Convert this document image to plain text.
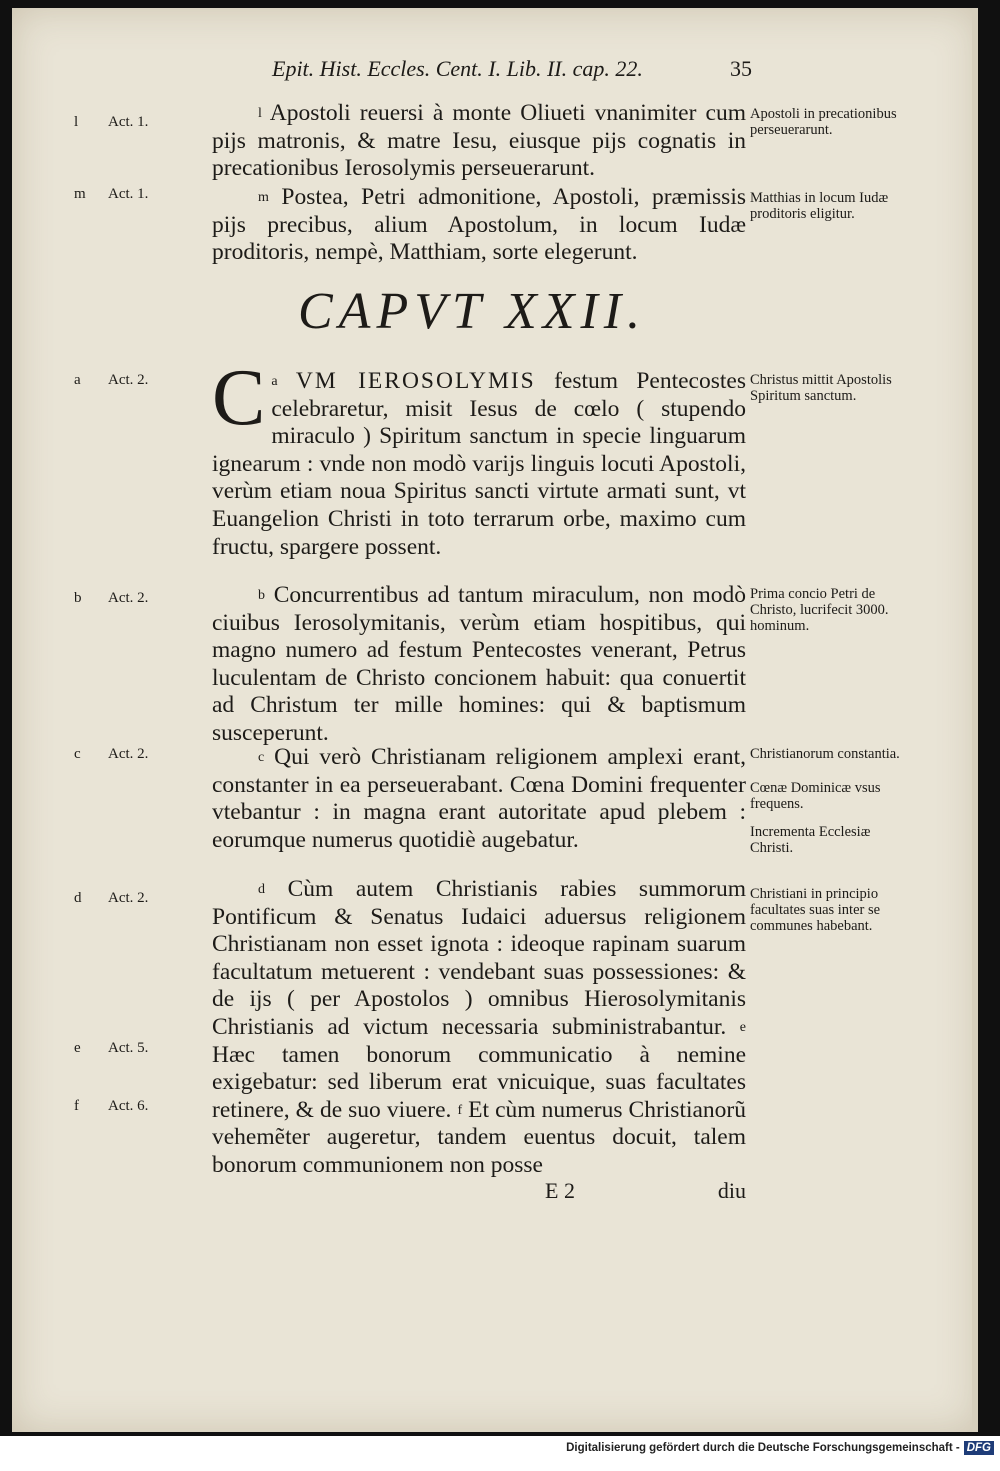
Epit. Hist. Eccles. Cent. I. Lib. II. cap. 22.	35
l Act. 1.
m Act. 1.
a Act. 2.
b Act. 2.
c Act. 2.
d Act. 2.
e Act. 5.
f Act. 6.
$^l$ Apostoli reuersi à monte Oliueti vnanimiter cum pijs matronis, & matre Iesu, eiusque pijs cognatis in precationibus Ierosolymis perseuerarunt.
$^m$ Postea, Petri admonitione, Apostoli, præmissis pijs precibus, alium Apostolum, in locum Iudæ proditoris, nempè, Matthiam, sorte elegerunt.
CAPVT XXII.
C $^a$ VM IEROSOLYMIS festum Pentecostes celebraretur, misit Iesus de cœlo ( stupendo miraculo ) Spiritum sanctum in specie linguarum ignearum : vnde non modò varijs linguis locuti Apostoli, verùm etiam noua Spiritus sancti virtute armati sunt, vt Euangelion Christi in toto terrarum orbe, maximo cum fructu, spargere possent.
$^b$ Concurrentibus ad tantum miraculum, non modò ciuibus Ierosolymitanis, verùm etiam hospitibus, qui magno numero ad festum Pentecostes venerant, Petrus luculentam de Christo concionem habuit: qua conuertit ad Christum ter mille homines: qui & baptismum susceperunt.
$^c$ Qui verò Christianam religionem amplexi erant, constanter in ea perseuerabant. Cœna Domini frequenter vtebantur : in magna erant autoritate apud plebem : eorumque numerus quotidiè augebatur.
$^d$ Cùm autem Christianis rabies summorum Pontificum & Senatus Iudaici aduersus religionem Christianam non esset ignota : ideoque rapinam suarum facultatum metuerent : vendebant suas possessiones: & de ijs ( per Apostolos ) omnibus Hierosolymitanis Christianis ad victum necessaria subministrabantur. $^e$ Hæc tamen bonorum communicatio à nemine exigebatur: sed liberum erat vnicuique, suas facultates retinere, & de suo viuere. $^f$ Et cùm numerus Christianorũ vehemẽter augeretur, tandem euentus docuit, talem bonorum communionem non posse
Apostoli in precationibus perseuerarunt.
Matthias in locum Iudæ proditoris eligitur.
Christus mittit Apostolis Spiritum sanctum.
Prima concio Petri de Christo, lucrifecit 3000. hominum.
Christianorum constantia.
Cœnæ Dominicæ vsus frequens.
Incrementa Ecclesiæ Christi.
Christiani in principio facultates suas inter se communes habebant.
E 2	diu
Digitalisierung gefördert durch die Deutsche Forschungsgemeinschaft - DFG
